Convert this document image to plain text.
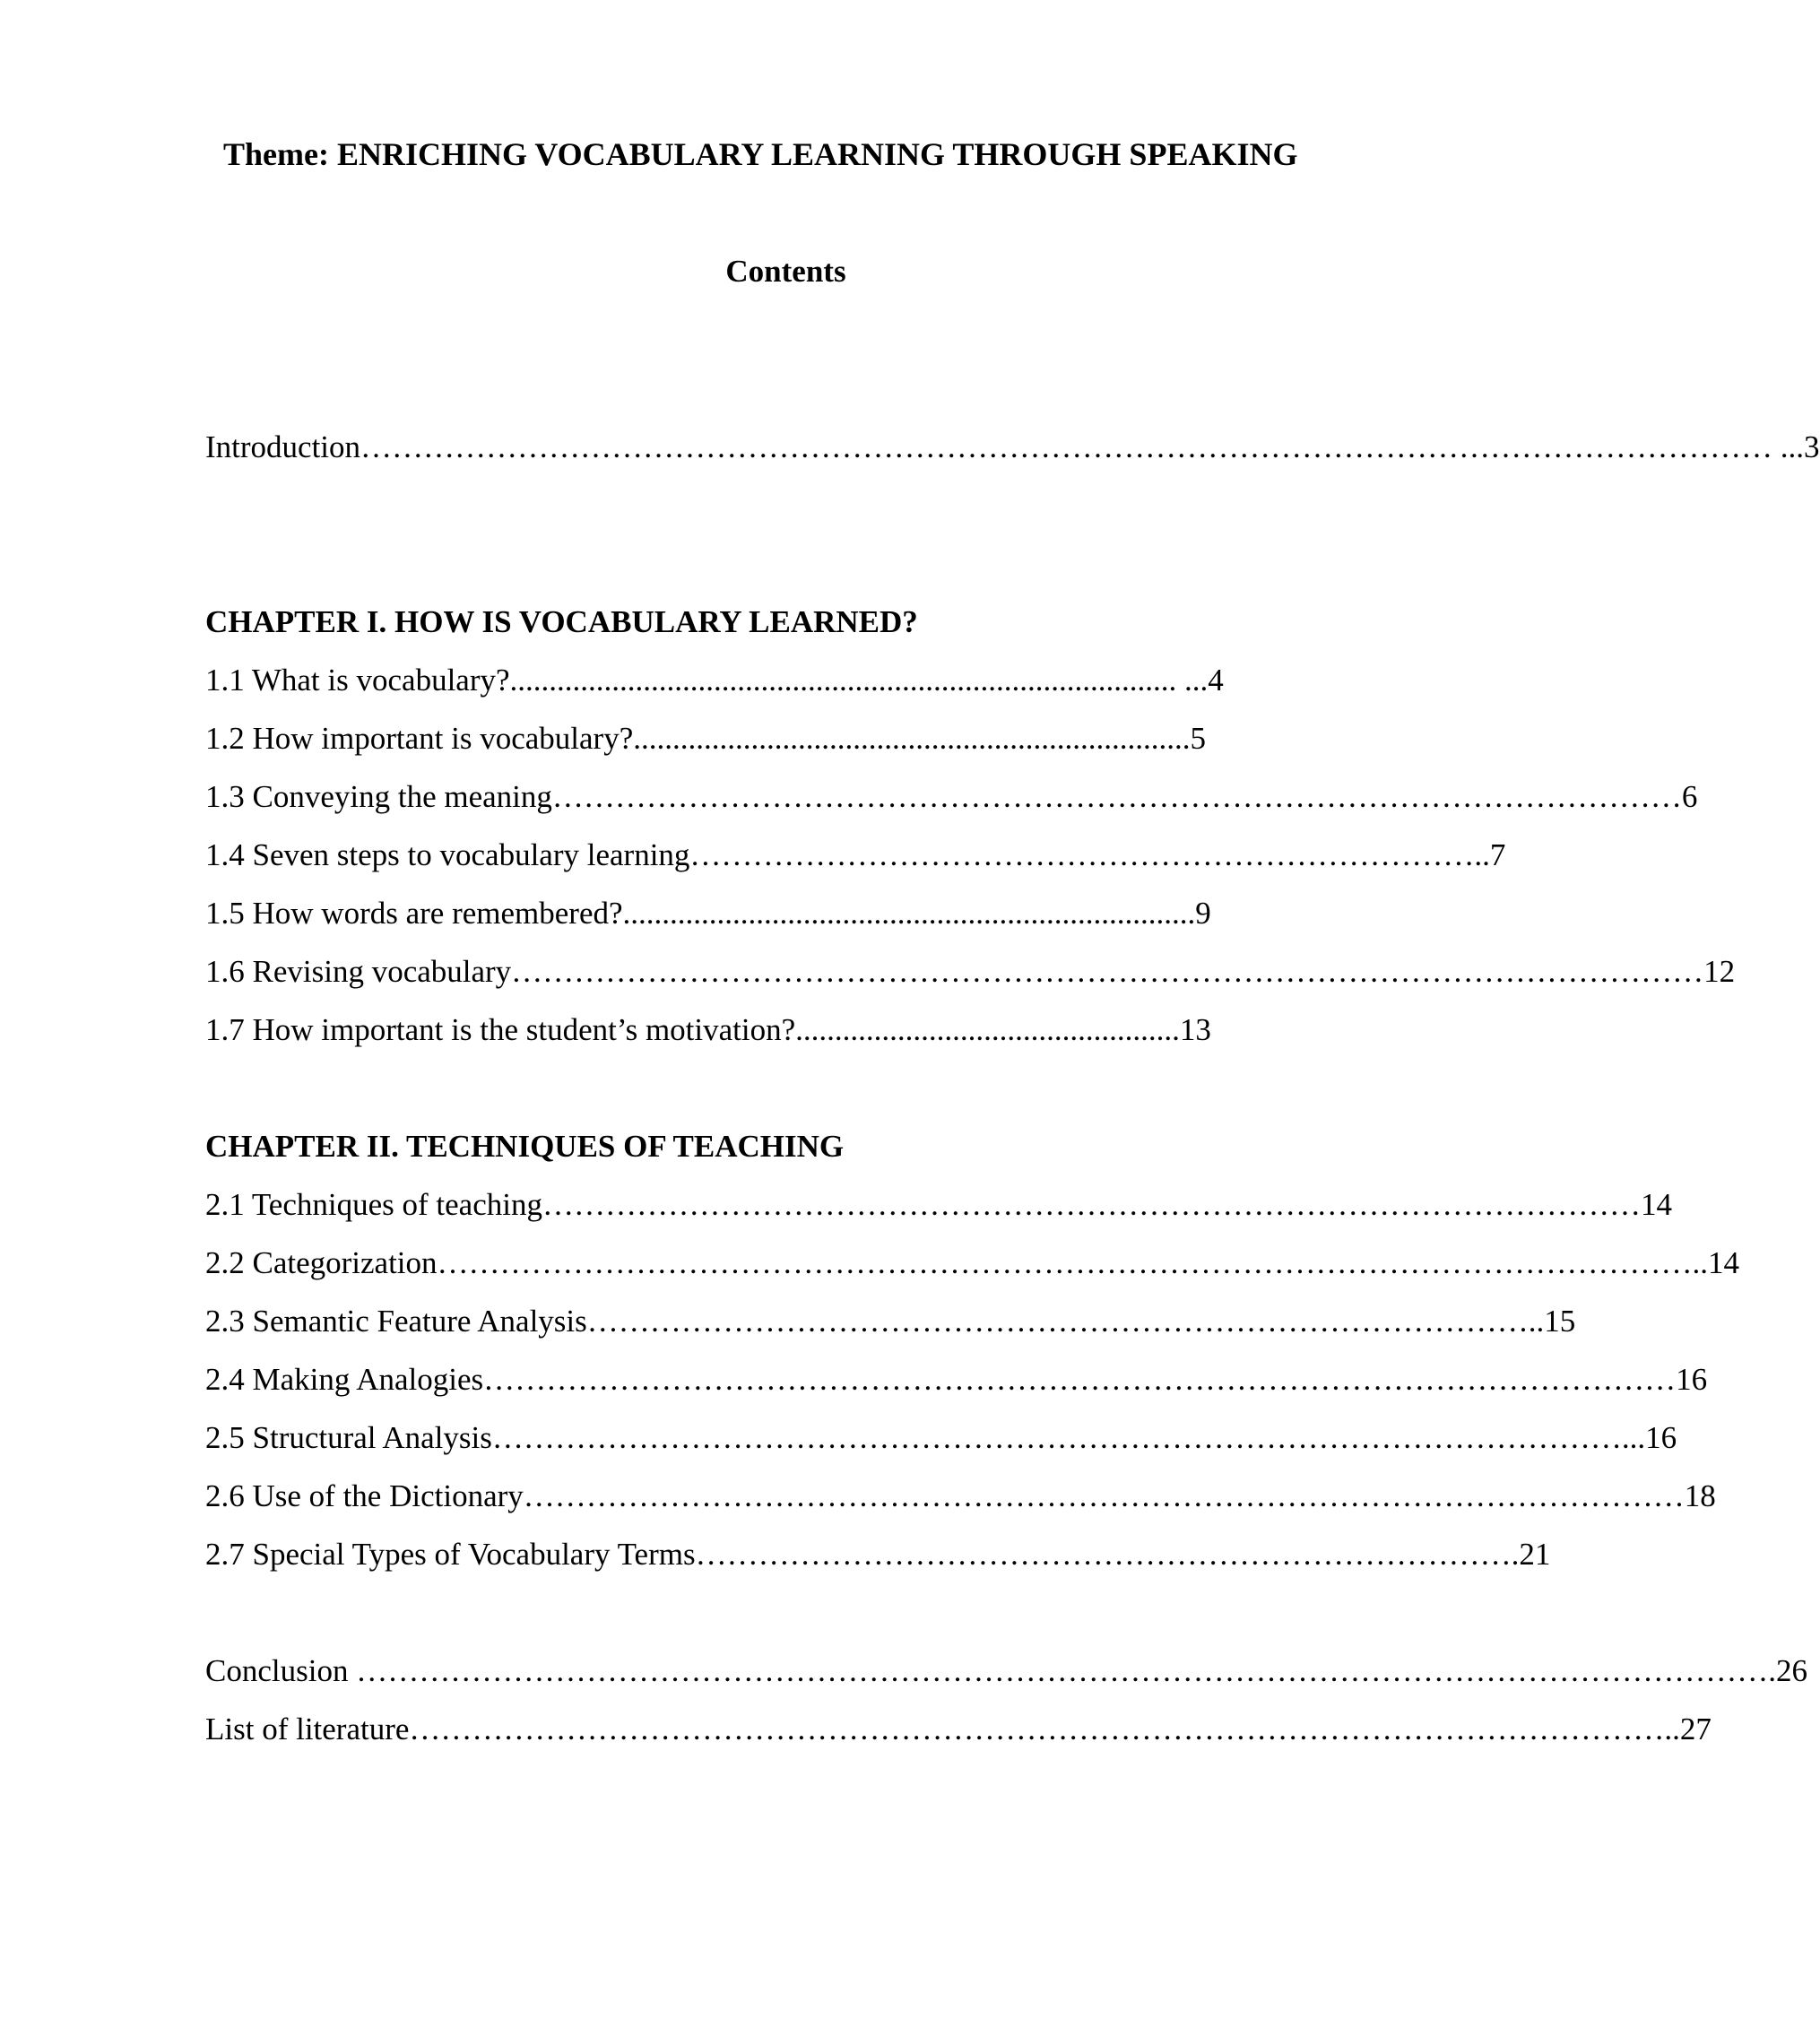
Theme: ENRICHING VOCABULARY LEARNING THROUGH SPEAKING
Contents
Introduction……………………………………………………………………………………………………………………… ...3
CHAPTER I. HOW IS VOCABULARY LEARNED?
1.1 What is vocabulary?..................................................................................... ...4
1.2 How important is vocabulary?.......................................................................5
1.3 Conveying the meaning………………………………………………………………………………………………6
1.4 Seven steps to vocabulary learning…………………………………………………………………..7
1.5 How words are remembered?.........................................................................9
1.6 Revising vocabulary……………………………………………………………………………………………………12
1.7 How important is the student’s motivation?.................................................13
CHAPTER II. TECHNIQUES OF TEACHING
2.1 Techniques of teaching……………………………………………………………………………………………14
2.2 Categorization…………………………………………………………………………………………………………..14
2.3 Semantic Feature Analysis………………………………………………………………………………..15
2.4 Making Analogies……………………………………………………………………………………………………16
2.5 Structural Analysis………………………………………………………………………………………………...16
2.6 Use of the Dictionary…………………………………………………………………………………………………18
2.7 Special Types of Vocabulary Terms…………………………………………………………………….21
Conclusion ……………………………………………………………………………………………………………………….26
List of literature…………………………………………………………………………………………………………..27
